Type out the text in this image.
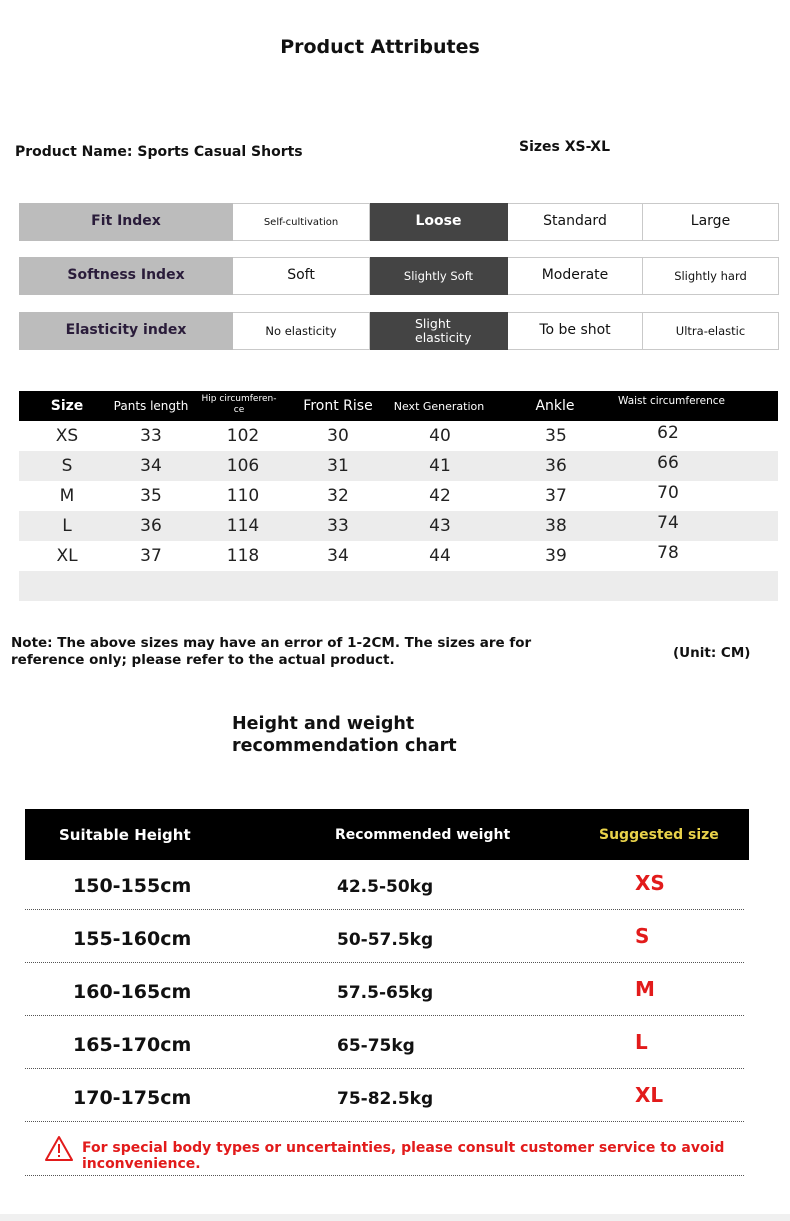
Product Attributes
Product Name: Sports Casual Shorts	Sizes XS-XL
Fit Index	Self-cultivation	Loose	Standard	Large
Softness Index	Soft	Slightly Soft	Moderate	Slightly hard
Elasticity index	No elasticity	Slight elasticity	To be shot	Ultra-elastic
Size	Pants length	Hip circumferen-ce	Front Rise	Next Generation	Ankle	Waist circumference
XS	33	102	30	40	35	62
S	34	106	31	41	36	66
M	35	110	32	42	37	70
L	36	114	33	43	38	74
XL	37	118	34	44	39	78
Note: The above sizes may have an error of 1-2CM. The sizes are for reference only; please refer to the actual product.	(Unit: CM)
Height and weight recommendation chart
Suitable Height	Recommended weight	Suggested size
150-155cm	42.5-50kg	XS
155-160cm	50-57.5kg	S
160-165cm	57.5-65kg	M
165-170cm	65-75kg	L
170-175cm	75-82.5kg	XL
For special body types or uncertainties, please consult customer service to avoid inconvenience.
